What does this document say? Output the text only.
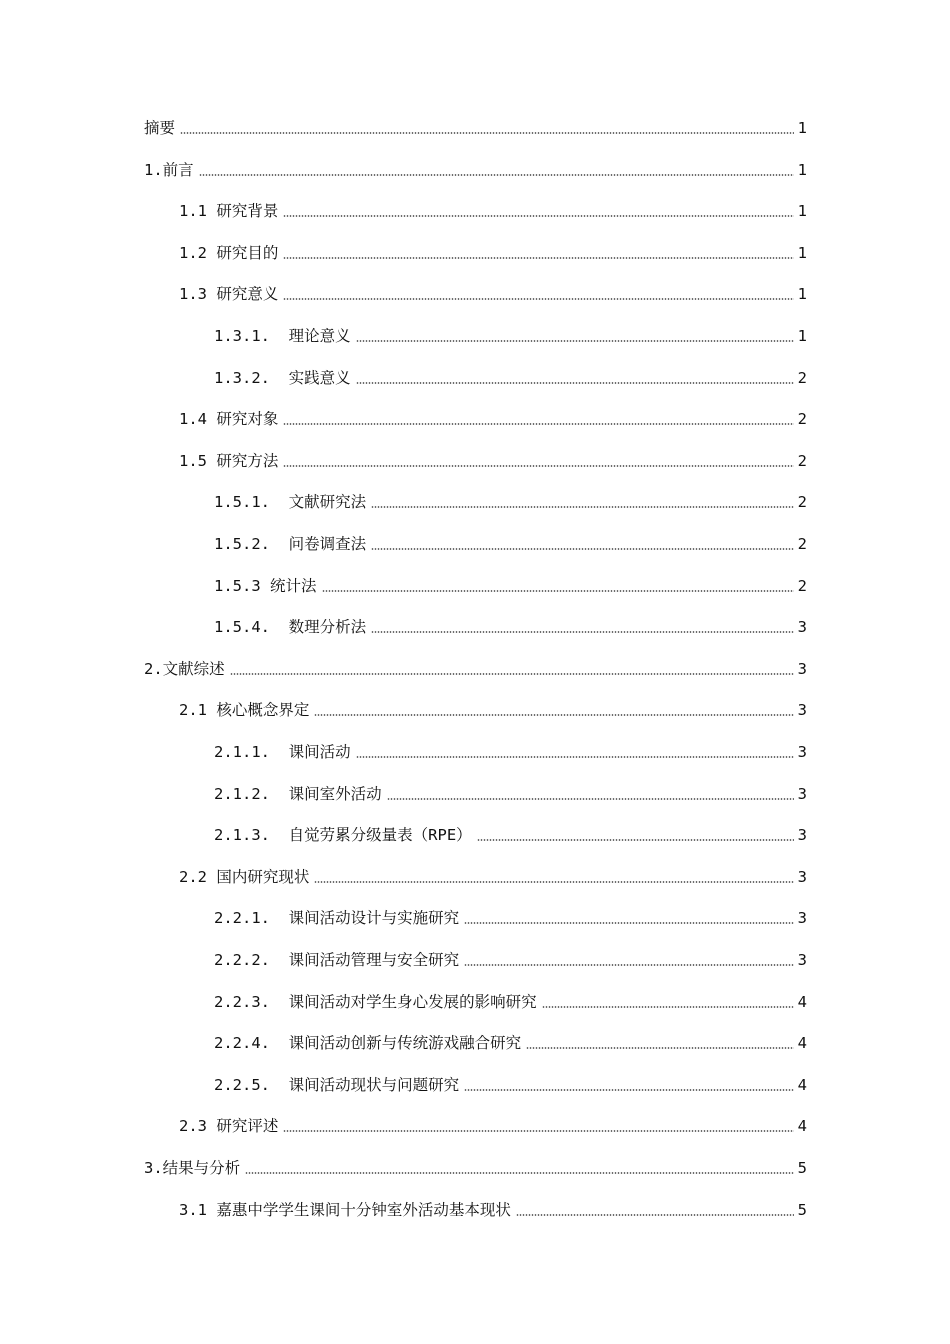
摘要	1
1.前言	1
1.1 研究背景	1
1.2 研究目的	1
1.3 研究意义	1
1.3.1.  理论意义	1
1.3.2.  实践意义	2
1.4 研究对象	2
1.5 研究方法	2
1.5.1.  文献研究法	2
1.5.2.  问卷调查法	2
1.5.3 统计法	2
1.5.4.  数理分析法	3
2.文献综述	3
2.1 核心概念界定	3
2.1.1.  课间活动	3
2.1.2.  课间室外活动	3
2.1.3.  自觉劳累分级量表（RPE）	3
2.2 国内研究现状	3
2.2.1.  课间活动设计与实施研究	3
2.2.2.  课间活动管理与安全研究	3
2.2.3.  课间活动对学生身心发展的影响研究	4
2.2.4.  课间活动创新与传统游戏融合研究	4
2.2.5.  课间活动现状与问题研究	4
2.3 研究评述	4
3.结果与分析	5
3.1 嘉惠中学学生课间十分钟室外活动基本现状	5
